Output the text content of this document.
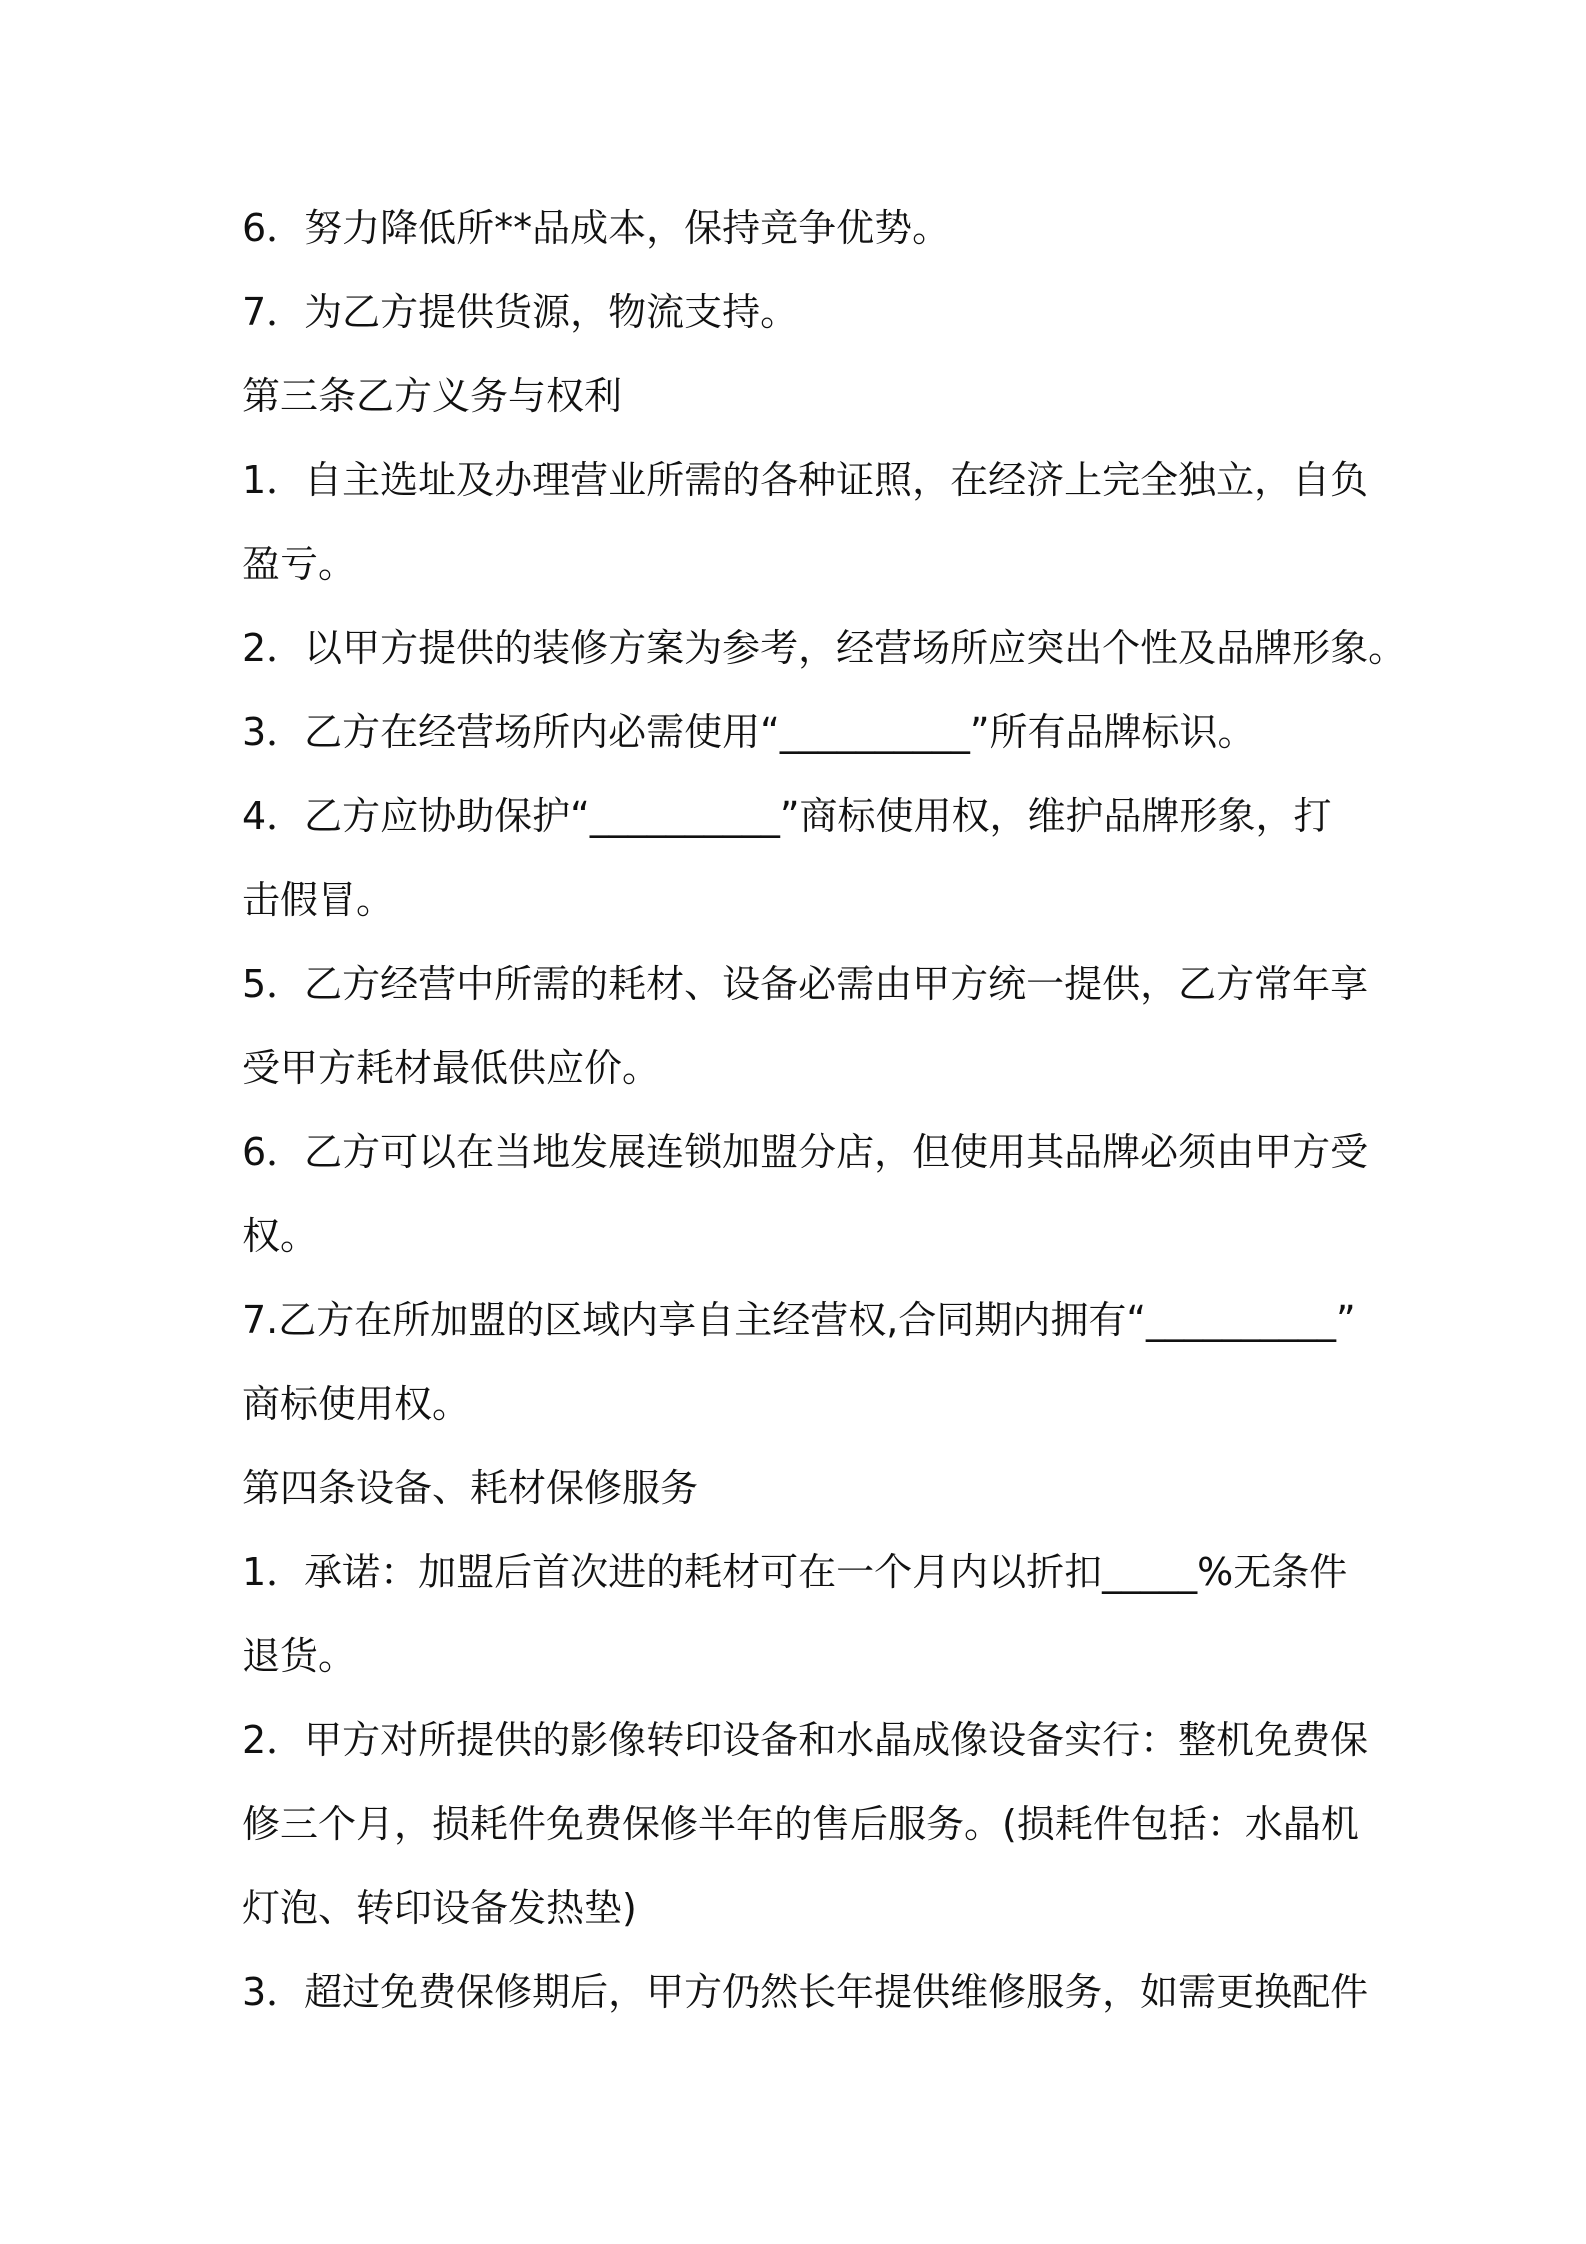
6．努力降低所**品成本，保持竞争优势。
7．为乙方提供货源，物流支持。
第三条乙方义务与权利
1．自主选址及办理营业所需的各种证照，在经济上完全独立，自负
盈亏。
2．以甲方提供的装修方案为参考，经营场所应突出个性及品牌形象。
3．乙方在经营场所内必需使用“__________”所有品牌标识。
4．乙方应协助保护“__________”商标使用权，维护品牌形象，打
击假冒。
5．乙方经营中所需的耗材、设备必需由甲方统一提供，乙方常年享
受甲方耗材最低供应价。
6．乙方可以在当地发展连锁加盟分店，但使用其品牌必须由甲方受
权。
7.乙方在所加盟的区域内享自主经营权,合同期内拥有“__________”
商标使用权。
第四条设备、耗材保修服务
1．承诺：加盟后首次进的耗材可在一个月内以折扣_____%无条件
退货。
2．甲方对所提供的影像转印设备和水晶成像设备实行：整机免费保
修三个月，损耗件免费保修半年的售后服务。(损耗件包括：水晶机
灯泡、转印设备发热垫)
3．超过免费保修期后，甲方仍然长年提供维修服务，如需更换配件
